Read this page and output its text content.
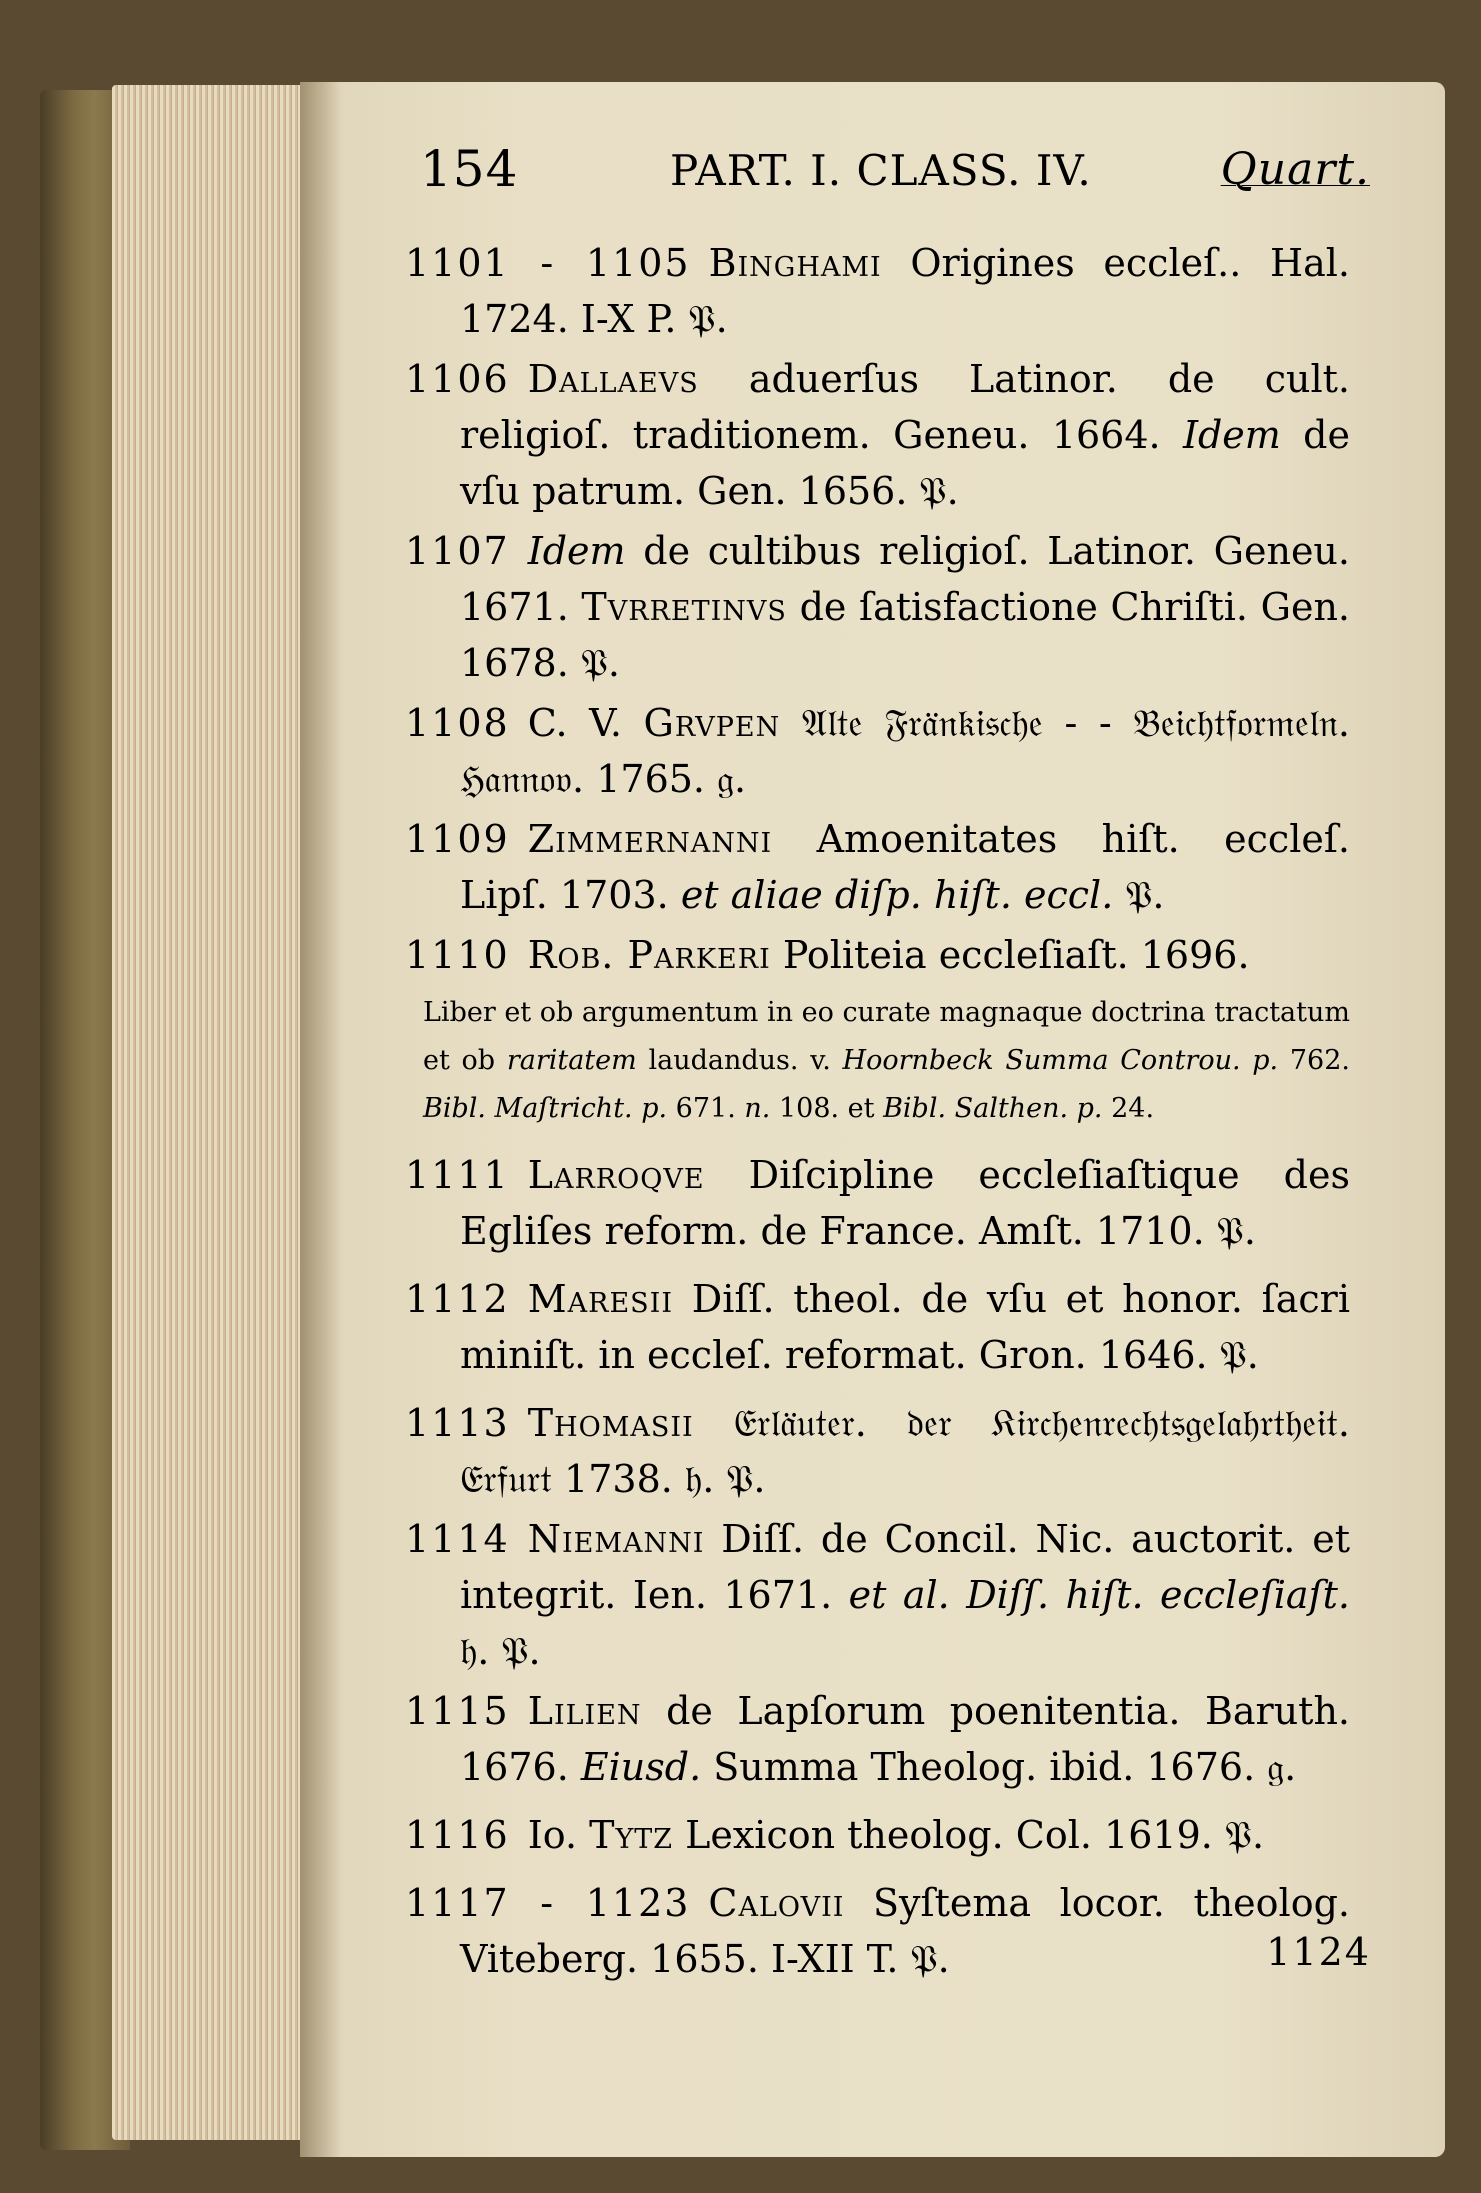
154	PART. I. CLASS. IV.	Quart.
1101 - 1105 Binghami Origines eccleſ.. Hal. 1724. I-X P. 𝔓.
1106 Dallaevs aduerſus Latinor. de cult. religioſ. traditionem. Geneu. 1664. Idem de vſu patrum. Gen. 1656. 𝔓.
1107 Idem de cultibus religioſ. Latinor. Geneu. 1671. Tvrretinvs de ſatisfactione Chriſti. Gen. 1678. 𝔓.
1108 C. V. Grvpen 𝔄𝔩𝔱𝔢 𝔉𝔯𝔞̈𝔫𝔨𝔦𝔰𝔠𝔥𝔢 - - 𝔅𝔢𝔦𝔠𝔥𝔱𝔣𝔬𝔯𝔪𝔢𝔩𝔫. ℌ𝔞𝔫𝔫𝔬𝔳. 1765. 𝔤.
1109 Zimmernanni Amoenitates hiſt. eccleſ. Lipſ. 1703. et aliae diſp. hiſt. eccl. 𝔓.
1110 Rob. Parkeri Politeia eccleſiaſt. 1696.
Liber et ob argumentum in eo curate magnaque doctrina tractatum et ob raritatem laudandus. v. Hoornbeck Summa Controu. p. 762. Bibl. Maſtricht. p. 671. n. 108. et Bibl. Salthen. p. 24.
1111 Larroqve Diſcipline eccleſiaſtique des Egliſes reform. de France. Amſt. 1710. 𝔓.
1112 Maresii Diſſ. theol. de vſu et honor. ſacri miniſt. in eccleſ. reformat. Gron. 1646. 𝔓.
1113 Thomasii 𝔈𝔯𝔩𝔞̈𝔲𝔱𝔢𝔯. 𝔡𝔢𝔯 𝔎𝔦𝔯𝔠𝔥𝔢𝔫𝔯𝔢𝔠𝔥𝔱𝔰𝔤𝔢𝔩𝔞𝔥𝔯𝔱𝔥𝔢𝔦𝔱. 𝔈𝔯𝔣𝔲𝔯𝔱 1738. 𝔥. 𝔓.
1114 Niemanni Diſſ. de Concil. Nic. auctorit. et integrit. Ien. 1671. et al. Diſſ. hiſt. eccleſiaſt. 𝔥. 𝔓.
1115 Lilien de Lapſorum poenitentia. Baruth. 1676. Eiusd. Summa Theolog. ibid. 1676. 𝔤.
1116 Io. Tytz Lexicon theolog. Col. 1619. 𝔓.
1117 - 1123 Calovii Syſtema locor. theolog. Viteberg. 1655. I-XII T. 𝔓.	1124
